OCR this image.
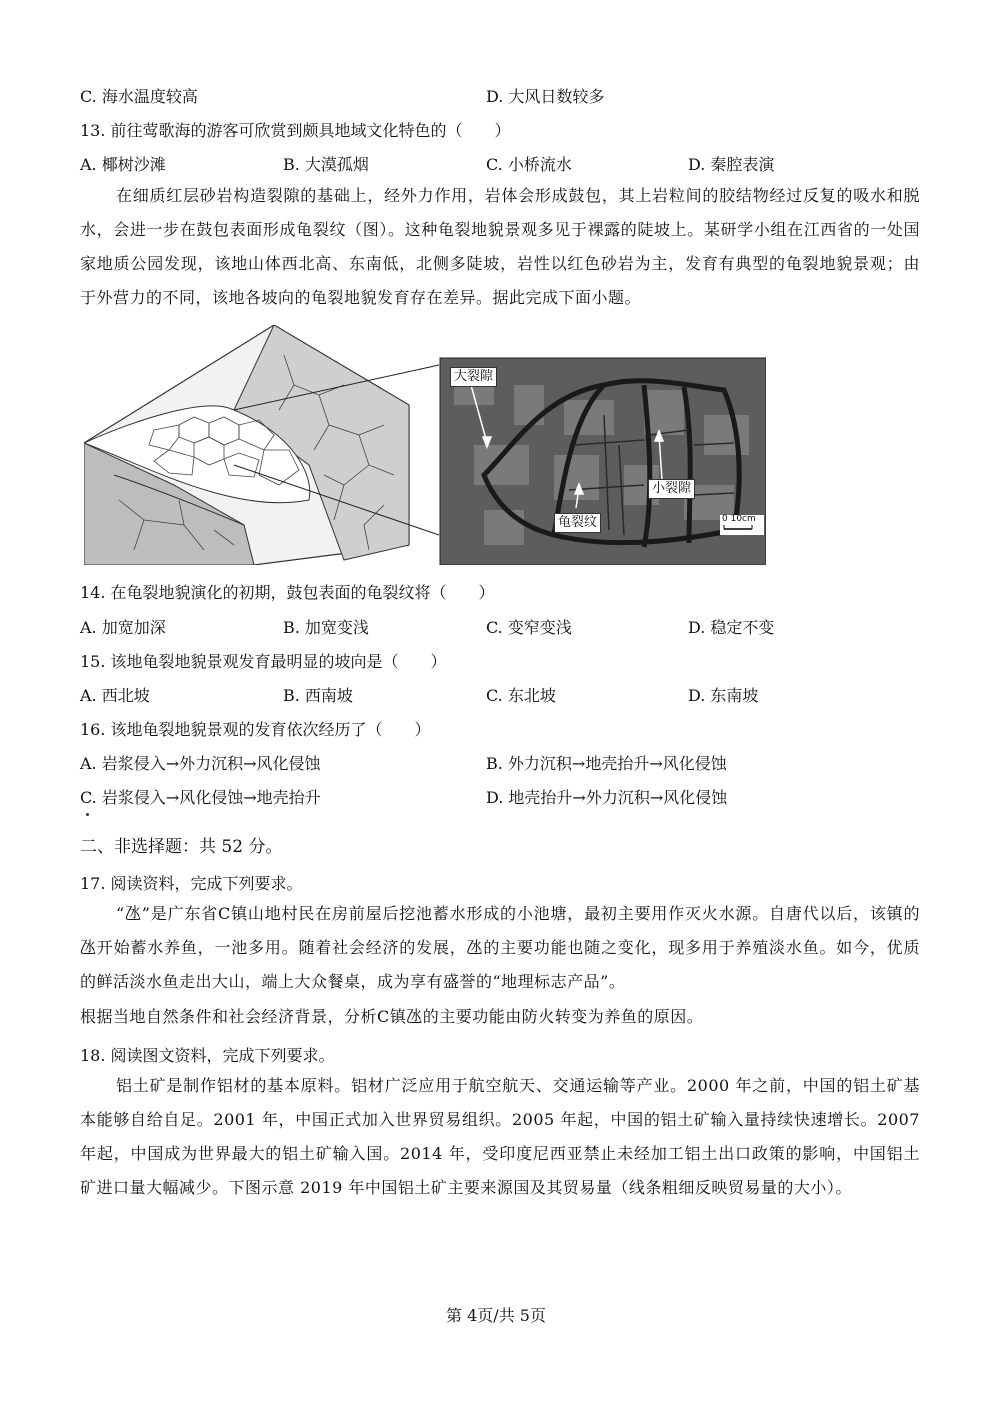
C. 海水温度较高	D. 大风日数较多
13. 前往莺歌海的游客可欣赏到颇具地域文化特色的（　　）
A. 椰树沙滩	B. 大漠孤烟	C. 小桥流水	D. 秦腔表演
在细质红层砂岩构造裂隙的基础上，经外力作用，岩体会形成鼓包，其上岩粒间的胶结物经过反复的吸水和脱水，会进一步在鼓包表面形成龟裂纹（图）。这种龟裂地貌景观多见于裸露的陡坡上。某研学小组在江西省的一处国家地质公园发现，该地山体西北高、东南低，北侧多陡坡，岩性以红色砂岩为主，发育有典型的龟裂地貌景观；由于外营力的不同，该地各坡向的龟裂地貌发育存在差异。据此完成下面小题。
大裂隙
小裂隙
龟裂纹	0 10cm
14. 在龟裂地貌演化的初期，鼓包表面的龟裂纹将（　　）
A. 加宽加深	B. 加宽变浅	C. 变窄变浅	D. 稳定不变
15. 该地龟裂地貌景观发育最明显的坡向是（　　）
A. 西北坡	B. 西南坡	C. 东北坡	D. 东南坡
16. 该地龟裂地貌景观的发育依次经历了（　　）
A. 岩浆侵入→外力沉积→风化侵蚀	B. 外力沉积→地壳抬升→风化侵蚀
C. 岩浆侵入→风化侵蚀→地壳抬升	D. 地壳抬升→外力沉积→风化侵蚀
二、非选择题：共 52 分。
17. 阅读资料，完成下列要求。
“氹”是广东省C镇山地村民在房前屋后挖池蓄水形成的小池塘，最初主要用作灭火水源。自唐代以后，该镇的氹开始蓄水养鱼，一池多用。随着社会经济的发展，氹的主要功能也随之变化，现多用于养殖淡水鱼。如今，优质的鲜活淡水鱼走出大山，端上大众餐桌，成为享有盛誉的“地理标志产品”。
根据当地自然条件和社会经济背景，分析C镇氹的主要功能由防火转变为养鱼的原因。
18. 阅读图文资料，完成下列要求。
铝土矿是制作铝材的基本原料。铝材广泛应用于航空航天、交通运输等产业。2000 年之前，中国的铝土矿基本能够自给自足。2001 年，中国正式加入世界贸易组织。2005 年起，中国的铝土矿输入量持续快速增长。2007 年起，中国成为世界最大的铝土矿输入国。2014 年，受印度尼西亚禁止未经加工铝土出口政策的影响，中国铝土矿进口量大幅减少。下图示意 2019 年中国铝土矿主要来源国及其贸易量（线条粗细反映贸易量的大小）。
第 4页/共 5页
